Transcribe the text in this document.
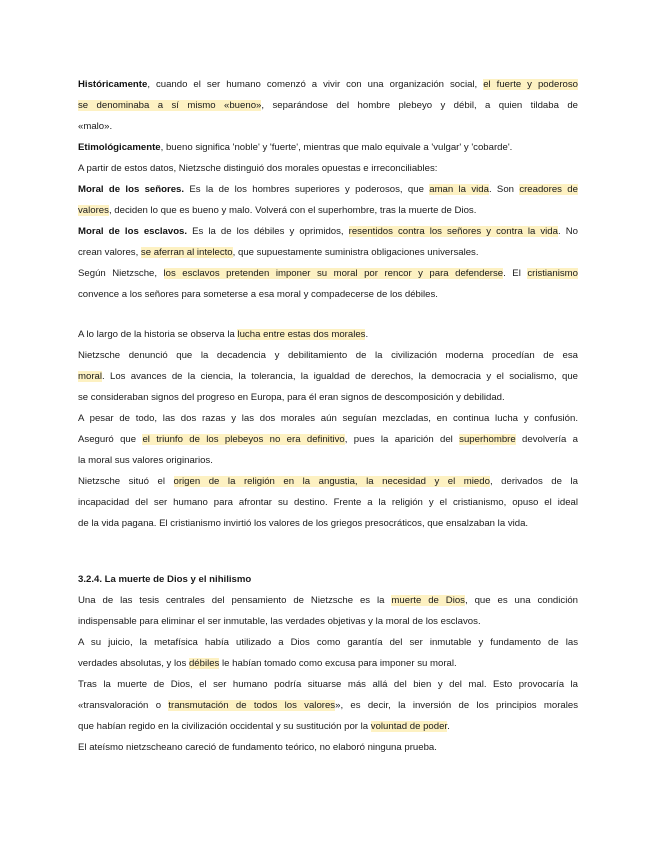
Históricamente, cuando el ser humano comenzó a vivir con una organización social, el fuerte y poderoso

se denominaba a sí mismo «bueno», separándose del hombre plebeyo y débil, a quien tildaba de

«malo».

Etimológicamente, bueno significa 'noble' y 'fuerte', mientras que malo equivale a 'vulgar' y 'cobarde'.

A partir de estos datos, Nietzsche distinguió dos morales opuestas e irreconciliables:

Moral de los señores. Es la de los hombres superiores y poderosos, que aman la vida. Son creadores de

valores, deciden lo que es bueno y malo. Volverá con el superhombre, tras la muerte de Dios.

Moral de los esclavos. Es la de los débiles y oprimidos, resentidos contra los señores y contra la vida. No

crean valores, se aferran al intelecto, que supuestamente suministra obligaciones universales.

Según Nietzsche, los esclavos pretenden imponer su moral por rencor y para defenderse. El cristianismo

convence a los señores para someterse a esa moral y compadecerse de los débiles.

A lo largo de la historia se observa la lucha entre estas dos morales.

Nietzsche denunció que la decadencia y debilitamiento de la civilización moderna procedían de esa

moral. Los avances de la ciencia, la tolerancia, la igualdad de derechos, la democracia y el socialismo, que

se consideraban signos del progreso en Europa, para él eran signos de descomposición y debilidad.

A pesar de todo, las dos razas y las dos morales aún seguían mezcladas, en continua lucha y confusión.

Aseguró que el triunfo de los plebeyos no era definitivo, pues la aparición del superhombre devolvería a

la moral sus valores originarios.

Nietzsche situó el origen de la religión en la angustia, la necesidad y el miedo, derivados de la

incapacidad del ser humano para afrontar su destino. Frente a la religión y el cristianismo, opuso el ideal

de la vida pagana. El cristianismo invirtió los valores de los griegos presocráticos, que ensalzaban la vida.

3.2.4. La muerte de Dios y el nihilismo

Una de las tesis centrales del pensamiento de Nietzsche es la muerte de Dios, que es una condición

indispensable para eliminar el ser inmutable, las verdades objetivas y la moral de los esclavos.

A su juicio, la metafísica había utilizado a Dios como garantía del ser inmutable y fundamento de las

verdades absolutas, y los débiles le habían tomado como excusa para imponer su moral.

Tras la muerte de Dios, el ser humano podría situarse más allá del bien y del mal. Esto provocaría la

«transvaloración o transmutación de todos los valores», es decir, la inversión de los principios morales

que habían regido en la civilización occidental y su sustitución por la voluntad de poder.

El ateísmo nietzscheano careció de fundamento teórico, no elaboró ninguna prueba.
